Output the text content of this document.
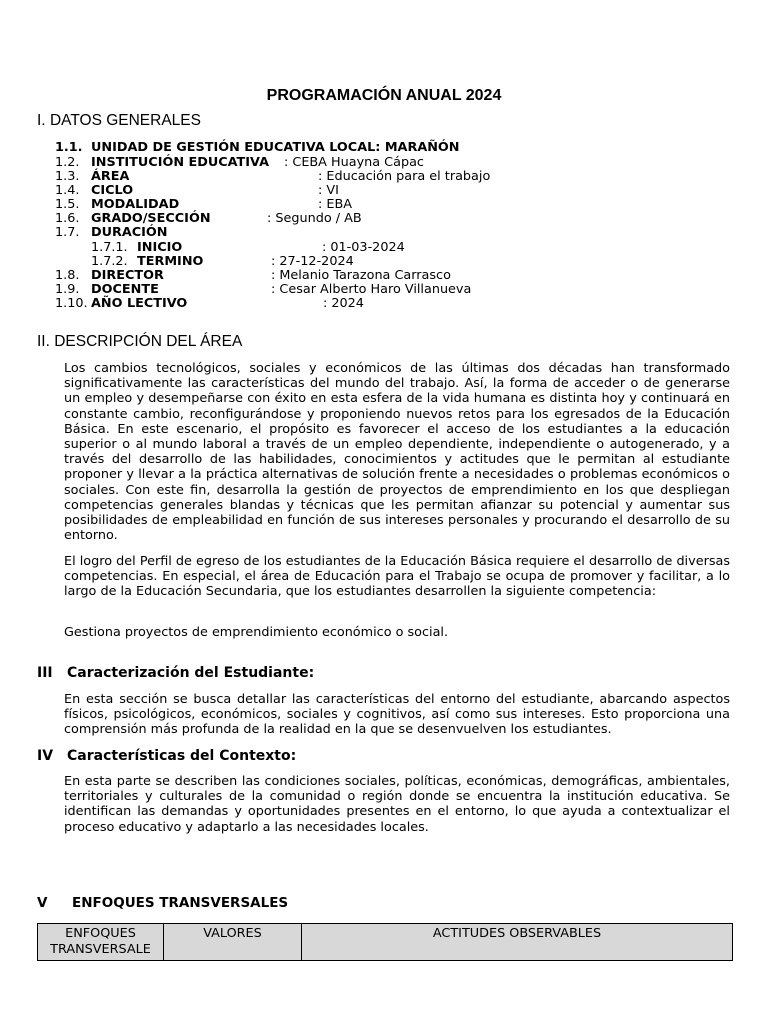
PROGRAMACIÓN ANUAL 2024
I. DATOS GENERALES
1.1. UNIDAD DE GESTIÓN EDUCATIVA LOCAL: MARAÑÓN
1.2. INSTITUCIÓN EDUCATIVA : CEBA Huayna Cápac
1.3. ÁREA	: Educación para el trabajo
1.4. CICLO	: VI
1.5. MODALIDAD	: EBA
1.6. GRADO/SECCIÓN	: Segundo / AB
1.7. DURACIÓN
1.7.1. INICIO	: 01-03-2024
1.7.2. TERMINO	: 27-12-2024
1.8. DIRECTOR	: Melanio Tarazona Carrasco
1.9. DOCENTE	: Cesar Alberto Haro Villanueva
1.10. AÑO LECTIVO	: 2024
II. DESCRIPCIÓN DEL ÁREA

Los cambios tecnológicos, sociales y económicos de las últimas dos décadas han transformado significativamente las características del mundo del trabajo. Así, la forma de acceder o de generarse un empleo y desempeñarse con éxito en esta esfera de la vida humana es distinta hoy y continuará en constante cambio, reconfigurándose y proponiendo nuevos retos para los egresados de la Educación Básica. En este escenario, el propósito es favorecer el acceso de los estudiantes a la educación superior o al mundo laboral a través de un empleo dependiente, independiente o autogenerado, y a través del desarrollo de las habilidades, conocimientos y actitudes que le permitan al estudiante proponer y llevar a la práctica alternativas de solución frente a necesidades o problemas económicos o sociales. Con este fin, desarrolla la gestión de proyectos de emprendimiento en los que despliegan competencias generales blandas y técnicas que les permitan afianzar su potencial y aumentar sus posibilidades de empleabilidad en función de sus intereses personales y procurando el desarrollo de su entorno.

El logro del Perfil de egreso de los estudiantes de la Educación Básica requiere el desarrollo de diversas competencias. En especial, el área de Educación para el Trabajo se ocupa de promover y facilitar, a lo largo de la Educación Secundaria, que los estudiantes desarrollen la siguiente competencia:

Gestiona proyectos de emprendimiento económico o social.

III Caracterización del Estudiante:

En esta sección se busca detallar las características del entorno del estudiante, abarcando aspectos físicos, psicológicos, económicos, sociales y cognitivos, así como sus intereses. Esto proporciona una comprensión más profunda de la realidad en la que se desenvuelven los estudiantes.

IV Características del Contexto:

En esta parte se describen las condiciones sociales, políticas, económicas, demográficas, ambientales, territoriales y culturales de la comunidad o región donde se encuentra la institución educativa. Se identifican las demandas y oportunidades presentes en el entorno, lo que ayuda a contextualizar el proceso educativo y adaptarlo a las necesidades locales.

V ENFOQUES TRANSVERSALES
ENFOQUES TRANSVERSALE	VALORES	ACTITUDES OBSERVABLES
